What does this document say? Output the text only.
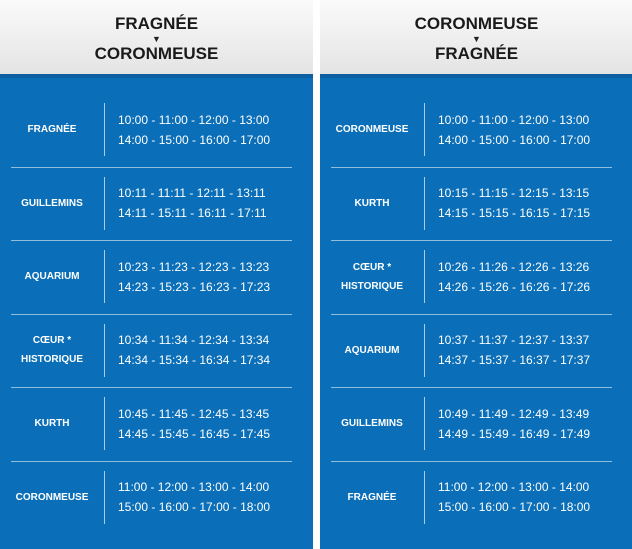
FRAGNÉE
▼
CORONMEUSE
FRAGNÉE
10:00 - 11:00 - 12:00 - 13:00
14:00 - 15:00 - 16:00 - 17:00
GUILLEMINS
10:11 - 11:11 - 12:11 - 13:11
14:11 - 15:11 - 16:11 - 17:11
AQUARIUM
10:23 - 11:23 - 12:23 - 13:23
14:23 - 15:23 - 16:23 - 17:23
CŒUR *
HISTORIQUE
10:34 - 11:34 - 12:34 - 13:34
14:34 - 15:34 - 16:34 - 17:34
KURTH
10:45 - 11:45 - 12:45 - 13:45
14:45 - 15:45 - 16:45 - 17:45
CORONMEUSE
11:00 - 12:00 - 13:00 - 14:00
15:00 - 16:00 - 17:00 - 18:00
CORONMEUSE
▼
FRAGNÉE
CORONMEUSE
10:00 - 11:00 - 12:00 - 13:00
14:00 - 15:00 - 16:00 - 17:00
KURTH
10:15 - 11:15 - 12:15 - 13:15
14:15 - 15:15 - 16:15 - 17:15
CŒUR *
HISTORIQUE
10:26 - 11:26 - 12:26 - 13:26
14:26 - 15:26 - 16:26 - 17:26
AQUARIUM
10:37 - 11:37 - 12:37 - 13:37
14:37 - 15:37 - 16:37 - 17:37
GUILLEMINS
10:49 - 11:49 - 12:49 - 13:49
14:49 - 15:49 - 16:49 - 17:49
FRAGNÉE
11:00 - 12:00 - 13:00 - 14:00
15:00 - 16:00 - 17:00 - 18:00
